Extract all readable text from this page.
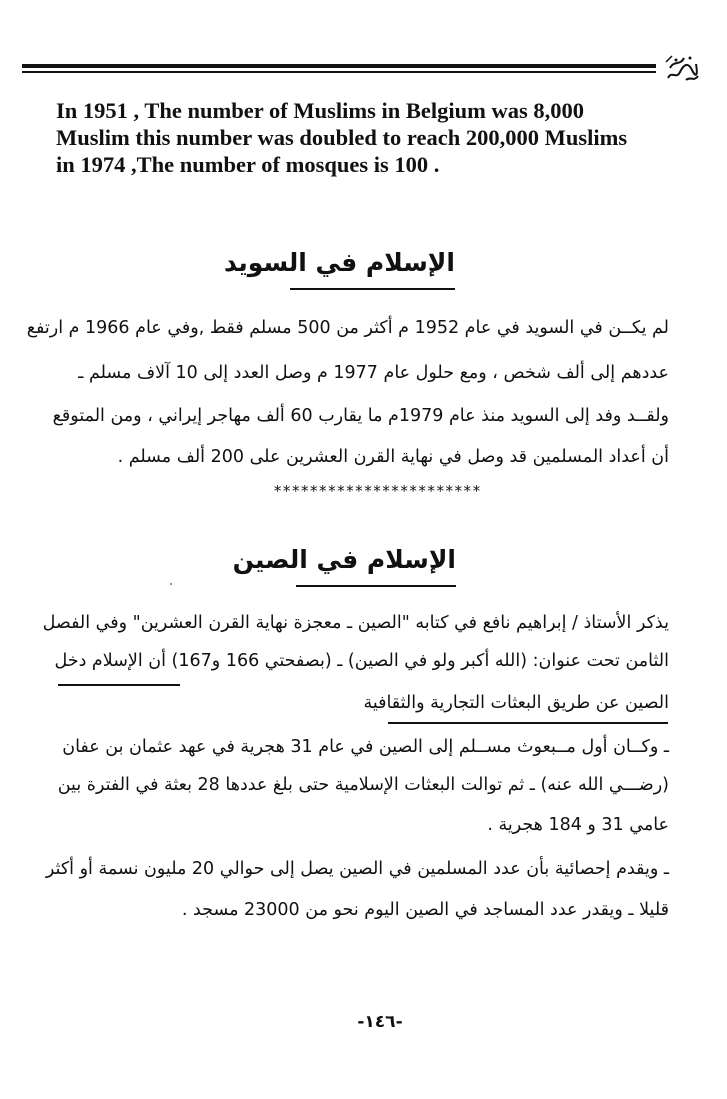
In 1951 , The number of Muslims in Belgium was 8,000
Muslim this number was doubled to reach 200,000 Muslims
in 1974 ,The number of mosques is 100 .
الإسلام في السويد
لم يكــن في السويد في عام 1952 م أكثر من 500 مسلم فقط ,وفي عام 1966 م ارتفع
عددهم إلى ألف شخص ، ومع حلول عام 1977 م وصل العدد إلى 10 آلاف مسلم ـ
ولقــد وفد إلى السويد منذ عام 1979م ما يقارب 60 ألف مهاجر إيراني ، ومن المتوقع
أن أعداد المسلمين قد وصل في نهاية القرن العشرين على 200 ألف مسلم .
***********************
الإسلام في الصين
يذكر الأستاذ / إبراهيم نافع في كتابه "الصين ـ معجزة نهاية القرن العشرين" وفي الفصل
الثامن تحت عنوان: (الله أكبر ولو في الصين) ـ (بصفحتي 166 و167) أن الإسلام دخل
الصين عن طريق البعثات التجارية والثقافية
ـ وكــان أول مــبعوث مســلم إلى الصين في عام 31 هجرية في عهد عثمان بن عفان
(رضـــي الله عنه) ـ ثم توالت البعثات الإسلامية حتى بلغ عددها 28 بعثة في الفترة بين
عامي 31 و 184 هجرية .
ـ ويقدم إحصائية بأن عدد المسلمين في الصين يصل إلى حوالي 20 مليون نسمة أو أكثر
قليلا ـ ويقدر عدد المساجد في الصين اليوم نحو من 23000 مسجد .
-١٤٦-
